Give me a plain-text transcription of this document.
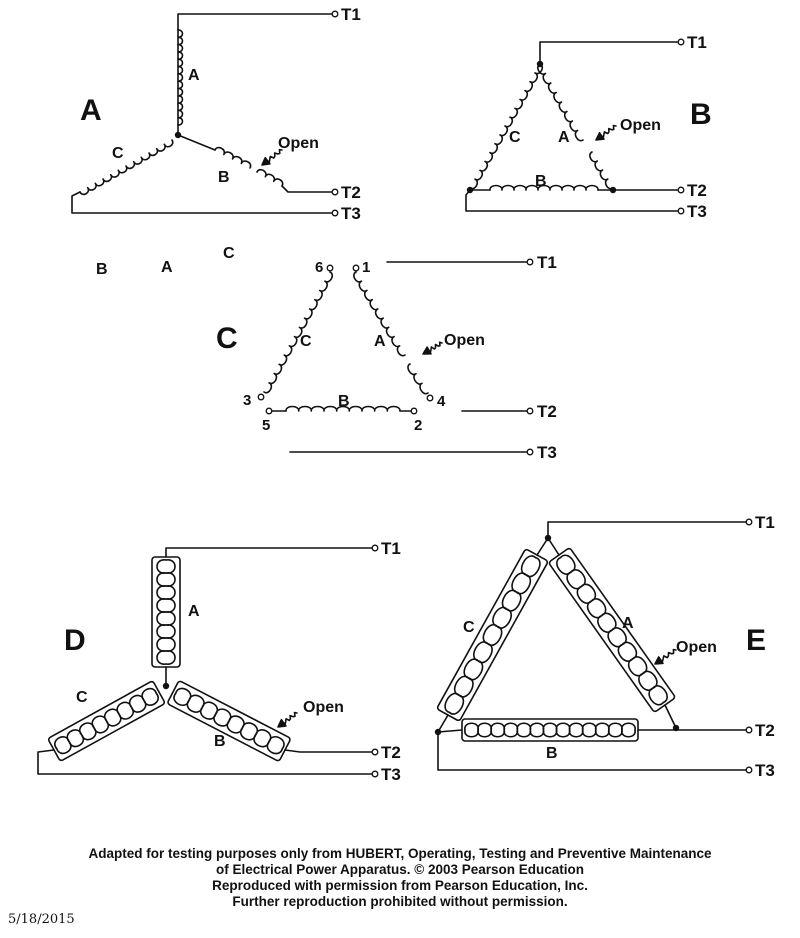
A
A
C
B
Open
T1
T2
T3
B
C A
B
Open
T1
T2
T3
B	A
C
C	C	A
B
Open
6	1
3	4
5	2
T1
T2
T3
D
A
C
B
Open
T1
T2
T3
E
C	A
B
Open
T1
T2
T3
Adapted for testing purposes only from HUBERT, Operating, Testing and Preventive Maintenance
of Electrical Power Apparatus. © 2003 Pearson Education
Reproduced with permission from Pearson Education, Inc.
Further reproduction prohibited without permission.
5/18/2015
